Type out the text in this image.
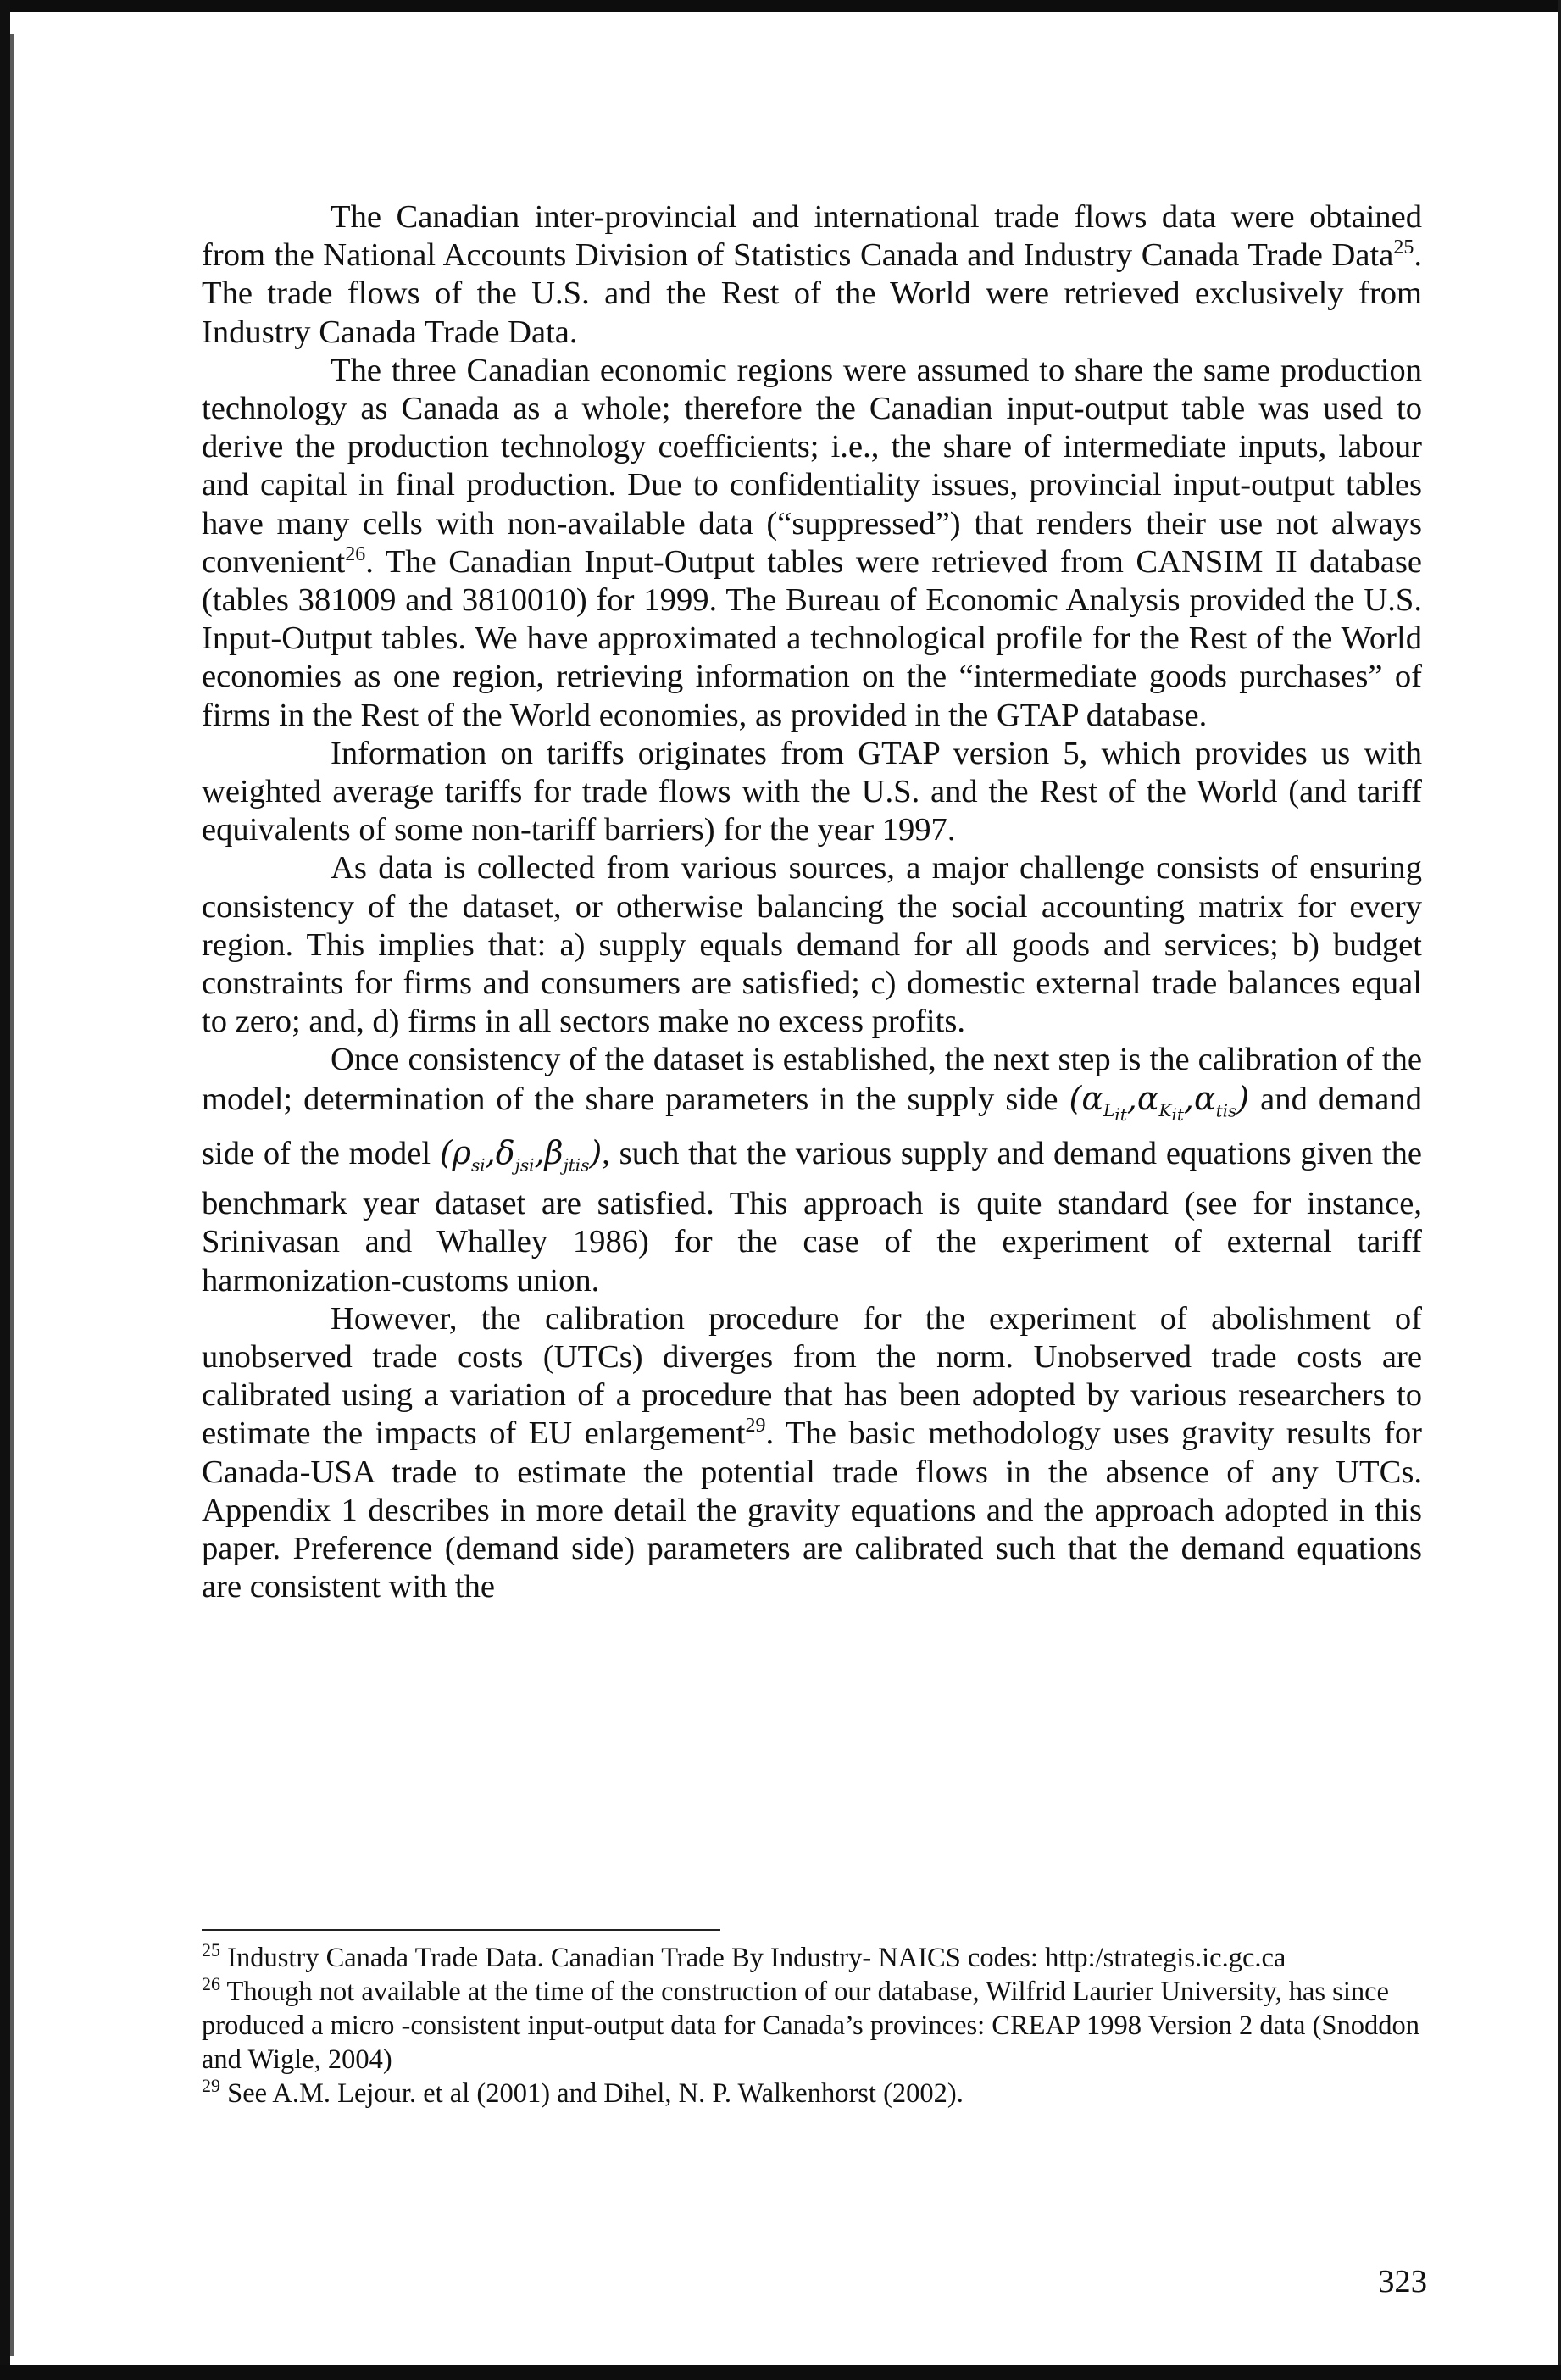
The Canadian inter-provincial and international trade flows data were obtained from the National Accounts Division of Statistics Canada and Industry Canada Trade Data$^{25}$. The trade flows of the U.S. and the Rest of the World were retrieved exclusively from Industry Canada Trade Data.

The three Canadian economic regions were assumed to share the same production technology as Canada as a whole; therefore the Canadian input-output table was used to derive the production technology coefficients; i.e., the share of intermediate inputs, labour and capital in final production. Due to confidentiality issues, provincial input-output tables have many cells with non-available data (“suppressed”) that renders their use not always convenient$^{26}$. The Canadian Input-Output tables were retrieved from CANSIM II database (tables 381009 and 3810010) for 1999. The Bureau of Economic Analysis provided the U.S. Input-Output tables. We have approximated a technological profile for the Rest of the World economies as one region, retrieving information on the “intermediate goods purchases” of firms in the Rest of the World economies, as provided in the GTAP database.

Information on tariffs originates from GTAP version 5, which provides us with weighted average tariffs for trade flows with the U.S. and the Rest of the World (and tariff equivalents of some non-tariff barriers) for the year 1997.

As data is collected from various sources, a major challenge consists of ensuring consistency of the dataset, or otherwise balancing the social accounting matrix for every region. This implies that: a) supply equals demand for all goods and services; b) budget constraints for firms and consumers are satisfied; c) domestic external trade balances equal to zero; and, d) firms in all sectors make no excess profits.

Once consistency of the dataset is established, the next step is the calibration of the model; determination of the share parameters in the supply side $(\alpha_{L_{it}},\alpha_{K_{it}},\alpha_{tis})$ and demand side of the model $(\rho_{si},\delta_{jsi},\beta_{jtis})$, such that the various supply and demand equations given the benchmark year dataset are satisfied. This approach is quite standard (see for instance, Srinivasan and Whalley 1986) for the case of the experiment of external tariff harmonization-customs union.

However, the calibration procedure for the experiment of abolishment of unobserved trade costs (UTCs) diverges from the norm. Unobserved trade costs are calibrated using a variation of a procedure that has been adopted by various researchers to estimate the impacts of EU enlargement$^{29}$. The basic methodology uses gravity results for Canada-USA trade to estimate the potential trade flows in the absence of any UTCs. Appendix 1 describes in more detail the gravity equations and the approach adopted in this paper. Preference (demand side) parameters are calibrated such that the demand equations are consistent with the

$^{25}$ Industry Canada Trade Data. Canadian Trade By Industry- NAICS codes: http:/strategis.ic.gc.ca

$^{26}$ Though not available at the time of the construction of our database, Wilfrid Laurier University, has since produced a micro -consistent input-output data for Canada’s provinces: CREAP 1998 Version 2 data (Snoddon and Wigle, 2004)

$^{29}$ See A.M. Lejour. et al (2001) and Dihel, N. P. Walkenhorst (2002).

323
